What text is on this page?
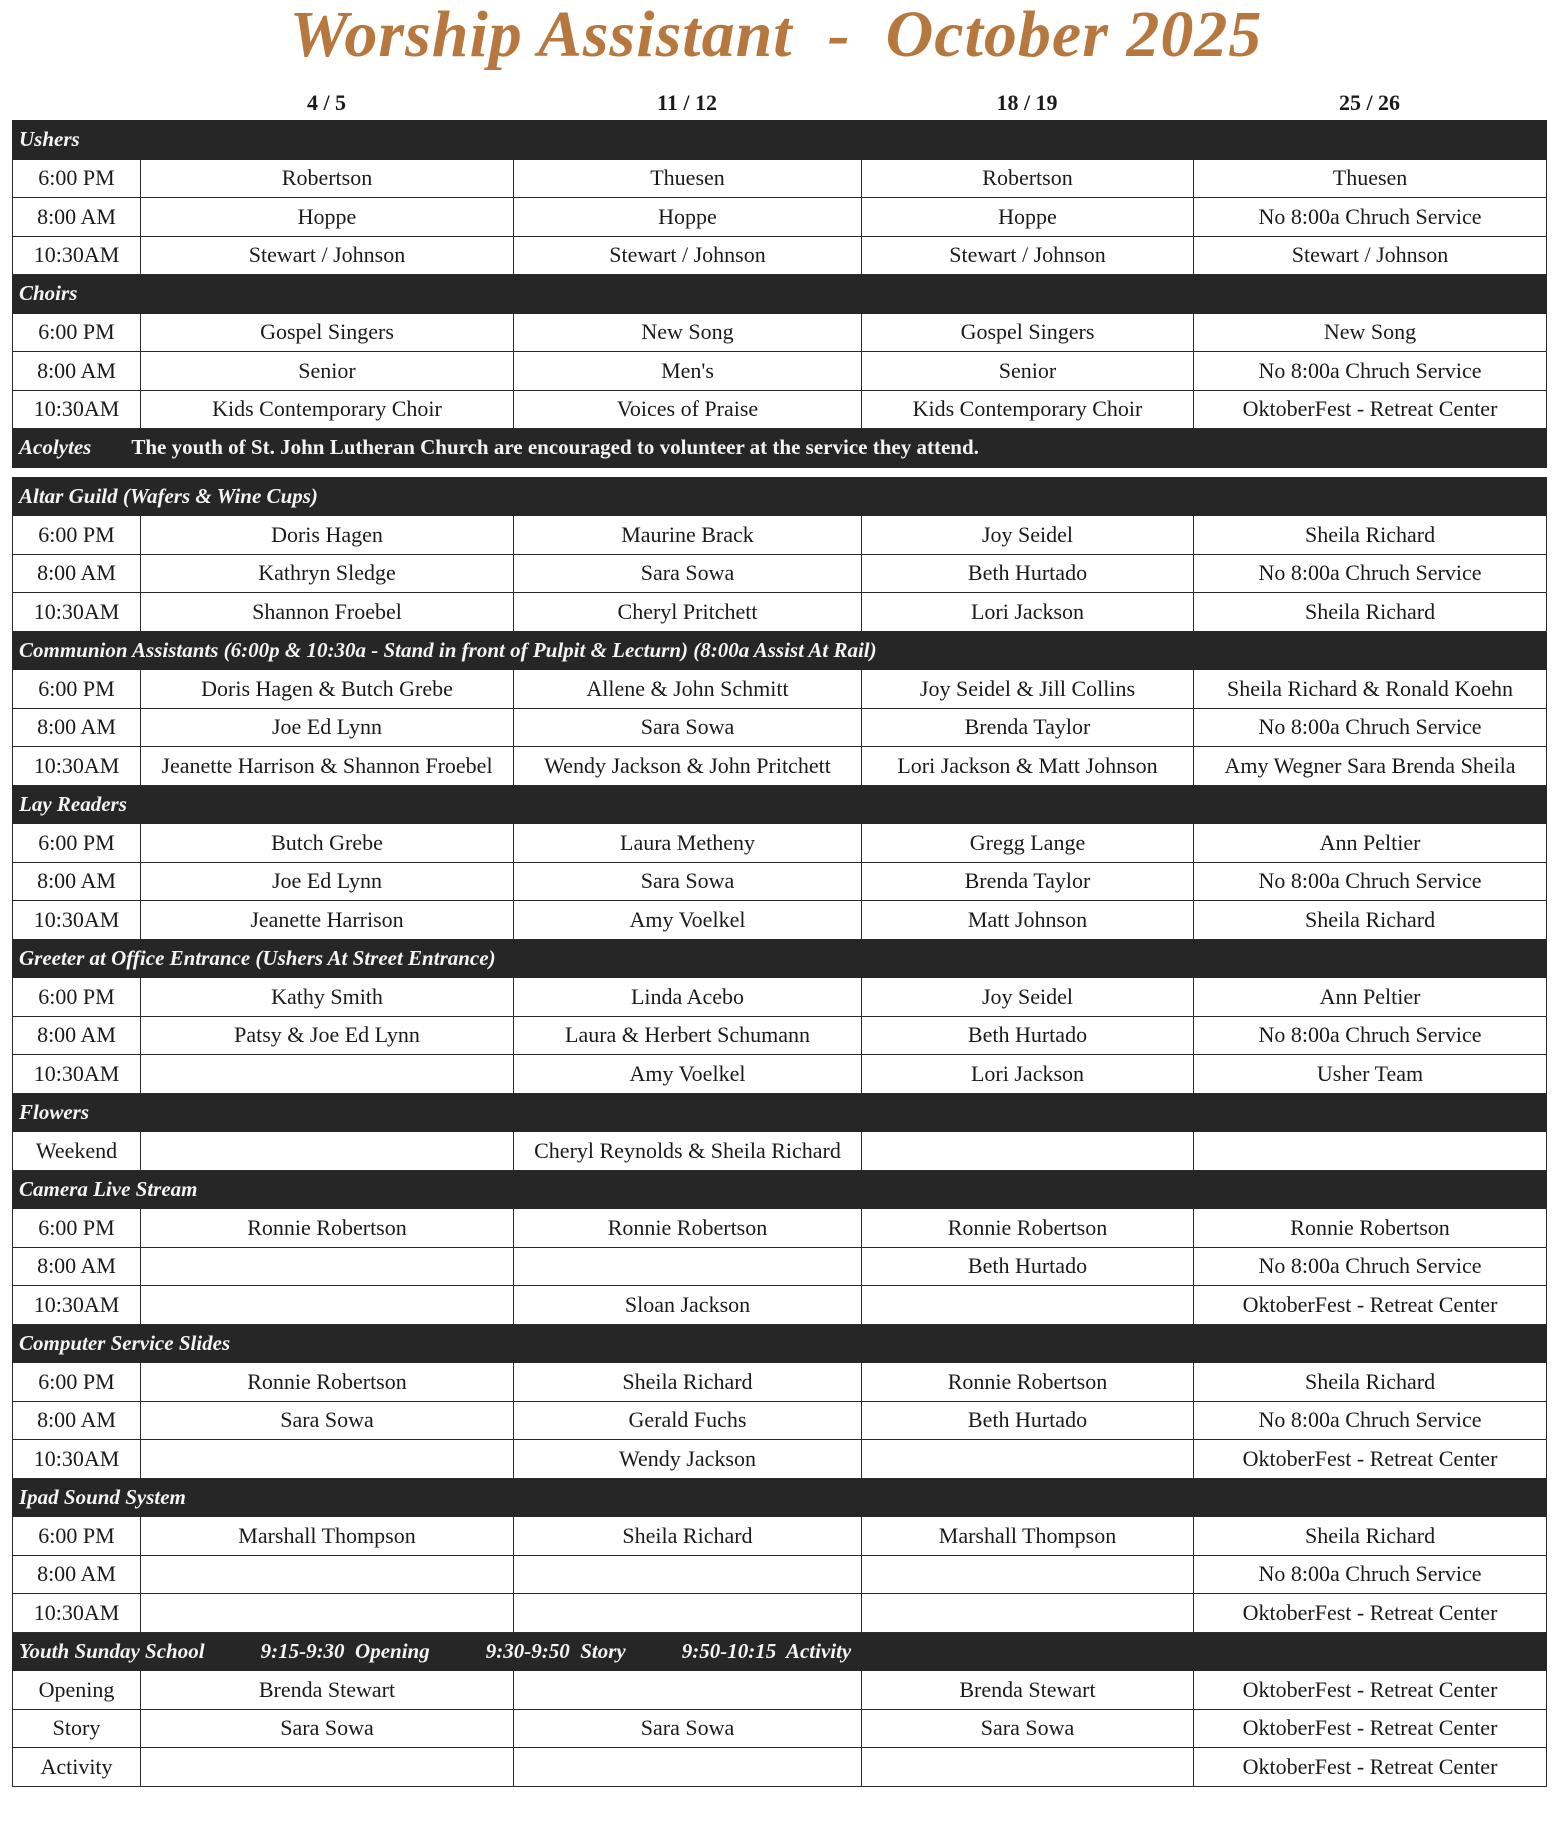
Worship Assistant  -  October 2025
4 / 5	11 / 12	18 / 19	25 / 26
Ushers				
6:00 PM	Robertson	Thuesen	Robertson	Thuesen
8:00 AM	Hoppe	Hoppe	Hoppe	No 8:00a Chruch Service
10:30AM	Stewart / Johnson	Stewart / Johnson	Stewart / Johnson	Stewart / Johnson
Choirs				
6:00 PM	Gospel Singers	New Song	Gospel Singers	New Song
8:00 AM	Senior	Men's	Senior	No 8:00a Chruch Service
10:30AM	Kids Contemporary Choir	Voices of Praise	Kids Contemporary Choir	OktoberFest - Retreat Center
Acolytes The youth of St. John Lutheran Church are encouraged to volunteer at the service they attend.				

Altar Guild (Wafers & Wine Cups)				
6:00 PM	Doris Hagen	Maurine Brack	Joy Seidel	Sheila Richard
8:00 AM	Kathryn Sledge	Sara Sowa	Beth Hurtado	No 8:00a Chruch Service
10:30AM	Shannon Froebel	Cheryl Pritchett	Lori Jackson	Sheila Richard
Communion Assistants (6:00p & 10:30a - Stand in front of Pulpit & Lecturn) (8:00a Assist At Rail)				
6:00 PM	Doris Hagen & Butch Grebe	Allene & John Schmitt	Joy Seidel & Jill Collins	Sheila Richard & Ronald Koehn
8:00 AM	Joe Ed Lynn	Sara Sowa	Brenda Taylor	No 8:00a Chruch Service
10:30AM	Jeanette Harrison & Shannon Froebel	Wendy Jackson & John Pritchett	Lori Jackson & Matt Johnson	Amy Wegner Sara Brenda Sheila
Lay Readers				
6:00 PM	Butch Grebe	Laura Metheny	Gregg Lange	Ann Peltier
8:00 AM	Joe Ed Lynn	Sara Sowa	Brenda Taylor	No 8:00a Chruch Service
10:30AM	Jeanette Harrison	Amy Voelkel	Matt Johnson	Sheila Richard
Greeter at Office Entrance (Ushers At Street Entrance)				
6:00 PM	Kathy Smith	Linda Acebo	Joy Seidel	Ann Peltier
8:00 AM	Patsy & Joe Ed Lynn	Laura & Herbert Schumann	Beth Hurtado	No 8:00a Chruch Service
10:30AM		Amy Voelkel	Lori Jackson	Usher Team
Flowers				
Weekend		Cheryl Reynolds & Sheila Richard		
Camera Live Stream				
6:00 PM	Ronnie Robertson	Ronnie Robertson	Ronnie Robertson	Ronnie Robertson
8:00 AM			Beth Hurtado	No 8:00a Chruch Service
10:30AM		Sloan Jackson		OktoberFest - Retreat Center
Computer Service Slides				
6:00 PM	Ronnie Robertson	Sheila Richard	Ronnie Robertson	Sheila Richard
8:00 AM	Sara Sowa	Gerald Fuchs	Beth Hurtado	No 8:00a Chruch Service
10:30AM		Wendy Jackson		OktoberFest - Retreat Center
Ipad Sound System				
6:00 PM	Marshall Thompson	Sheila Richard	Marshall Thompson	Sheila Richard
8:00 AM				No 8:00a Chruch Service
10:30AM				OktoberFest - Retreat Center
Youth Sunday School 9:15-9:30  Opening 9:30-9:50  Story 9:50-10:15  Activity				
Opening	Brenda Stewart		Brenda Stewart	OktoberFest - Retreat Center
Story	Sara Sowa	Sara Sowa	Sara Sowa	OktoberFest - Retreat Center
Activity				OktoberFest - Retreat Center
